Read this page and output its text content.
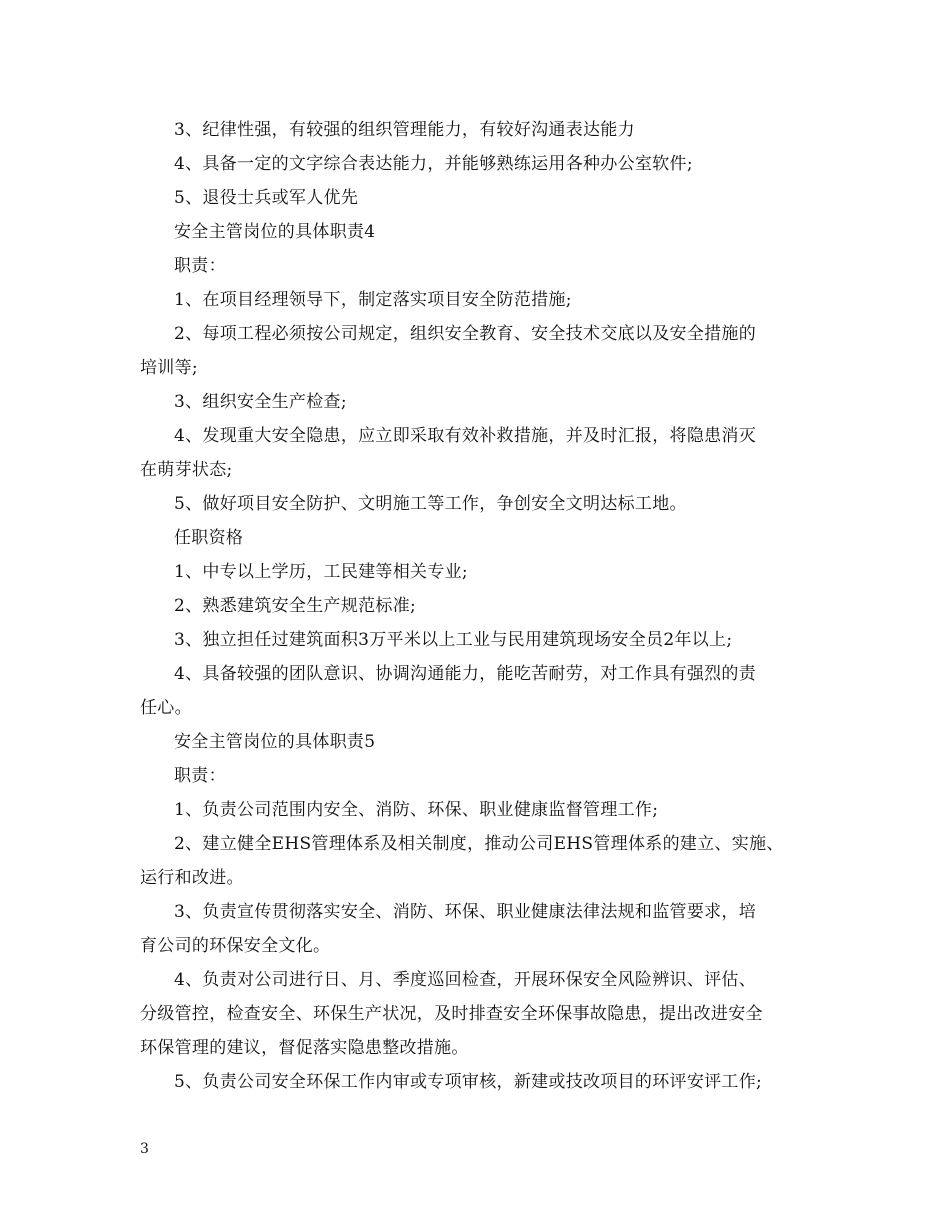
3、纪律性强，有较强的组织管理能力，有较好沟通表达能力
4、具备一定的文字综合表达能力，并能够熟练运用各种办公室软件;
5、退役士兵或军人优先
安全主管岗位的具体职责4
职责：
1、在项目经理领导下，制定落实项目安全防范措施;
2、每项工程必须按公司规定，组织安全教育、安全技术交底以及安全措施的
培训等;
3、组织安全生产检查;
4、发现重大安全隐患，应立即采取有效补救措施，并及时汇报，将隐患消灭
在萌芽状态;
5、做好项目安全防护、文明施工等工作，争创安全文明达标工地。
任职资格
1、中专以上学历，工民建等相关专业;
2、熟悉建筑安全生产规范标准;
3、独立担任过建筑面积3万平米以上工业与民用建筑现场安全员2年以上;
4、具备较强的团队意识、协调沟通能力，能吃苦耐劳，对工作具有强烈的责
任心。
安全主管岗位的具体职责5
职责：
1、负责公司范围内安全、消防、环保、职业健康监督管理工作;
2、建立健全EHS管理体系及相关制度，推动公司EHS管理体系的建立、实施、
运行和改进。
3、负责宣传贯彻落实安全、消防、环保、职业健康法律法规和监管要求，培
育公司的环保安全文化。
4、负责对公司进行日、月、季度巡回检查，开展环保安全风险辨识、评估、
分级管控，检查安全、环保生产状况，及时排查安全环保事故隐患，提出改进安全
环保管理的建议，督促落实隐患整改措施。
5、负责公司安全环保工作内审或专项审核，新建或技改项目的环评安评工作;
3
